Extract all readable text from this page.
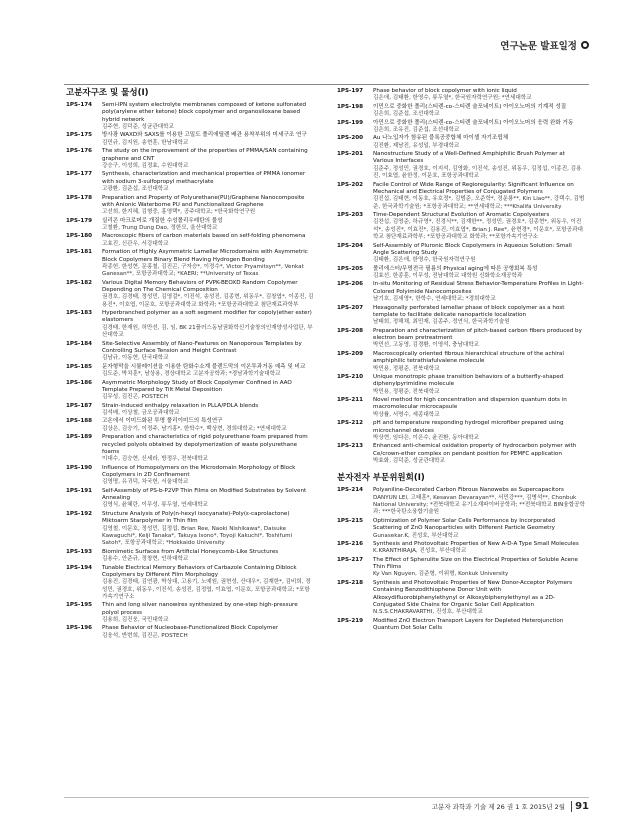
연구논문 발표일정
고분자구조 및 물성(I)
1PS-174	Semi-IPN system electrolyte membranes composed of ketone sulfonated poly(arylene ether ketone) block copolymer and organosiloxane based hybrid network
김주현, 김덕준, 성균관대학교
1PS-175	방사광 WAXD와 SAXS를 이용한 고밀도 폴리에틸렌 배관 용착부위의 미세구조 연구
김민규, 김지원, 송현훈, 한남대학교
1PS-176	The study on the improvement of the properties of PMMA/SAN containing graphene and CNT
강승구, 이성희, 김정효, 수원대학교
1PS-177	Synthesis, characterization and mechanical properties of PMMA ionomer with sodium 3-sulfopropyl methacrylate
고광환, 김준섭, 조선대학교
1PS-178	Preparation and Property of Polyurethane(PU)/Graphene Nanocomposite with Anionic Waterborne PU and Functionalized Graphene
고선희, 한지혜, 김형중, 홍영택*, 공주대학교; *한국화학연구원
1PS-179	실리콘 마크로머로 개질한 수성폴리우레탄의 물성
고철환, Trung Dung Dao, 정한모, 울산대학교
1PS-180	Macroscopic fibers of carbon materials based on self-folding phenomena
고효진, 신관우, 서강대학교
1PS-181	Formation of Highly Asymmetric Lamellar Microdomains with Asymmetric Block Copolymers Binary Blend Having Hydrogen Bonding
곽종헌, 한성현, 문홍철, 김진곤, 구자승*, 이정수*, Victor Pryamitsyn**, Venkat Ganesan**, 포항공과대학교; *KAERI; **University of Texas
1PS-182	Various Digital Memory Behaviors of PVPK-BEOXD Random Copolymer Depending on The Chemical Composition
권경호, 김경태, 정성민, 김영걸*, 이진석, 송성진, 김종현, 위동우*, 김창엽*, 이종진, 김용진*, 이호엽, 이문호, 포항공과대학교 화학과; *포항공과대학교 첨단재료과학부
1PS-183	Hyperbranched polymer as a soft segment modifier for copoly(ether ester) elastomers
김경태, 한재원, 허만선, 김, 임, BK 21플러스동남권화학신기술창의인재양성사업단, 부산대학교
1PS-184	Site-Selective Assembly of Nano-Features on Nanoporous Templates by Controlling Surface Tension and Height Contrast
김남규, 이동현, 단국대학교
1PS-185	문자형막을 시뮬레이션을 이용한 탄화수소계 블렌드막의 이온투과거동 예측 및 비교
김도준, 박치훈*, 남상용, 경상대학교 고분자공학과; *경남과학기술대학교
1PS-186	Asymmetric Morphology Study of Block Copolymer Confined in AAO Template Prepared by Tilt Metal Deposition
김무성, 김진곤, POSTECH
1PS-187	Strain-induced enthalpy relaxation in PLLA/PDLA blends
김석배, 이상철, 금오공과대학교
1PS-188	고온에서 이미드화된 투명 폴리이미드의 특성연구
김상은, 김승기, 이정주, 남기홍*, 한학수*, 백상현, 경희대학교; *연세대학교
1PS-189	Preparation and characteristics of rigid polyurethane foam prepared from recycled polyols obtained by depolymerization of waste polyurethane foams
이대수, 김승현, 신세라, 방정우, 전북대학교
1PS-190	Influence of Homopolymers on the Microdomain Morphology of Block Copolymers in 2D Confinement
김영명, 유귀덕, 차국헌, 서울대학교
1PS-191	Self-Assembly of PS-b-P2VP Thin Films on Modified Substrates by Solvent Annealing
김영식, 윤혜란, 이무성, 류두열, 연세대학교
1PS-192	Structure Analysis of Poly(n-hexyl isocyanate)-Poly(ε-caprolactone) Miktoarm Starpolymer in Thin film
김영철, 이문호, 정성민, 김정섭, Brian Ree, Naoki Nishikawa*, Daisuke Kawaguchi*, Keiji Tanaka*, Takuya Isono*, Toyoji Kakuchi*, Toshifumi Satoh*, 포항공과대학교; *Hokkaido University
1PS-193	Biomimetic Surfaces from Artificial Honeycomb-Like Structures
김용수, 안준규, 정창현, 인하대학교
1PS-194	Tunable Electrical Memory Behaviors of Carbazole Containing Diblock Copolymers by Different Film Morphology
김용진, 김경태, 김연광, 박상대, 고용기, 노예원, 권현성, 산대우*, 김재한*, 김비희, 정성민, 권경호, 위동우, 이진석, 송성진, 김정엽, 이효엽, 이문호, 포항공과대학교; *포항가속기연구소
1PS-195	Thin and long silver nanowires synthesized by one-step high-pressure polyol process
김용희, 김진웅, 국민대학교
1PS-196	Phase Behavior of Nucleobase-Functionalized Block Copolymer
김웅석, 반번희, 김진곤, POSTECH
1PS-197	Phase behavior of block copolymer with ionic liquid
김은애, 김태환, 한영수, 류두열*, 한국원자력연구원; *연세대학교
1PS-198	이민으로 중화한 폴리(스티렌-co-스티렌 술포네이트) 아이오노머의 기계적 성질
김은희, 김준섭, 조선대학교
1PS-199	아민으로 중화한 폴리(스티렌-co-스티렌 술포네이트) 아이오노머의 응력 완화 거동
김은희, 조유진, 김준섭, 조선대학교
1PS-200	Au 나노입자가 함유된 블록공중합체 마이셀 자기조립체
김진환, 제남진, 유성일, 부경대학교
1PS-201	Nanostructure Study of a Well-Defined Amphiphilic Brush Polymer at Various Interfaces
김준주, 정성민, 권경호, 이지석, 김영화, 이진석, 송성진, 위동우, 김정섭, 이종진, 김용진, 이효엽, 윤한정, 이문호, 포항공과대학교
1PS-202	Facile Control of Wide Range of Regioregularity: Significant Influence on Mechanical and Electrical Properties of Conjugated Polymers
김진섭, 김태현, 이동호, 유호정*, 김범준, 오준학*, 정운룡**, Kin Liao**, 강택수, 김범준, 한국과학기술원; *포항공과대학교; **연세대학교; ***Khalifa University
1PS-203	Time-Dependent Structural Evolution of Aromatic Copolyesters
김찬섭, 김영준, 하규영*, 진경식**, 김재한**, 정성민, 권경호*, 김종현*, 위동우, 이진석*, 송성진*, 이효진*, 김용진, 이효엽*, Brian J. Ree*, 윤현경*, 이문호*, 포항공과대학교 첨단재료과학부; *포항공과대학교 화학과; **포항가속기연구소
1PS-204	Self-Assembly of Pluronic Block Copolymers in Aqueous Solution: Small Angle Scattering Study
김태환, 김은애, 한영수, 한국원자력연구원
1PS-205	폴리에스터/무명전극 필름의 Physical aging에 따른 공형회복 특성
김효선, 한종훈, 이무성, 전남대학교 대학원 신화학소재공학과
1PS-206	In-situ Monitoring of Residual Stress Behavior-Temperature Profiles in Light-Colored Polyimide Nanocomposites
남기호, 김세영*, 한학수, 연세대학교; *경희대학교
1PS-207	Hexagonally perforated lamellar phase of block copolymer as a host template to facilitate delicate nanoparticle localization
남태희, 정해채, 최민재, 김종주, 정연식, 한국과학기술원
1PS-208	Preparation and characterization of pitch-based carbon fibers produced by electron beam pretreatment
박민선, 고동영, 김경환, 이영석, 충남대학교
1PS-209	Macroscopically oriented fibrous hierarchical structure of the achiral amphiphilic tetrathiafulvalene molecule
박민용, 정평준, 전북대학교
1PS-210	Unique monotropic phase transition behaviors of a butterfly-shaped diphenylpyrimidine molecule
박민용, 정평준, 전북대학교
1PS-211	Novel method for high concentration and dispersion quantum dots in macromolecular microcapsule
박상률, 서명수, 세종대학교
1PS-212	pH and temperature responding hydrogel microfiber prepared using microchannel devices
박상현, 임다은, 이은수, 윤진환, 동아대학교
1PS-213	Enhanced anti-chemical oxidation property of hydrocarbon polymer with Ce/crown-ether complex on pendant position for PEMFC application
박효화, 김덕준, 성균관대학교
분자전자 부문위원회(I)
1PS-214	Polyaniline-Decorated Carbon Fibrous Nanowebs as Supercapacitors
DANYUN LEI, 고태훈*, Kesavan Devarayan**, 서민강***, 김병석**, Chonbuk National University; *전북대학교 유기소재파이버공학과; **전북대학교 BIN융합공학과; ***한국탄소융합기술원
1PS-215	Optimization of Polymer Solar Cells Performance by Incorporated Scattering of ZnO Nanoparticles with Different Particle Geometry
Gunasekar.K, 진성호, 부산대학교
1PS-216	Synthesis and Photovoltaic Properties of New A-D-A Type Small Molecules
K.KRANTHIRAJA, 진성호, 부산대학교
1PS-217	The Effect of Spherulite Size on the Electrical Properties of Soluble Acene Thin Films
Ky Van Nguyen, 김준형, 이위형, Konkuk University
1PS-218	Synthesis and Photovoltaic Properties of New Donor-Acceptor Polymers Containing Benzodithiophene Donor Unit with Alkoxydifluorobiphenylethynyl or Alkoxybiphenylethynyl as a 2D-Conjugated Side Chains for Organic Solar Cell Application
N.S.S.CHAKRAVARTHI, 진성호, 부산대학교
1PS-219	Modified ZnO Electron Transport Layers for Depleted Heterojunction Quantum Dot Solar Cells
고분자 과학과 기술 제 26 권 1 호 2015년 2월	91
